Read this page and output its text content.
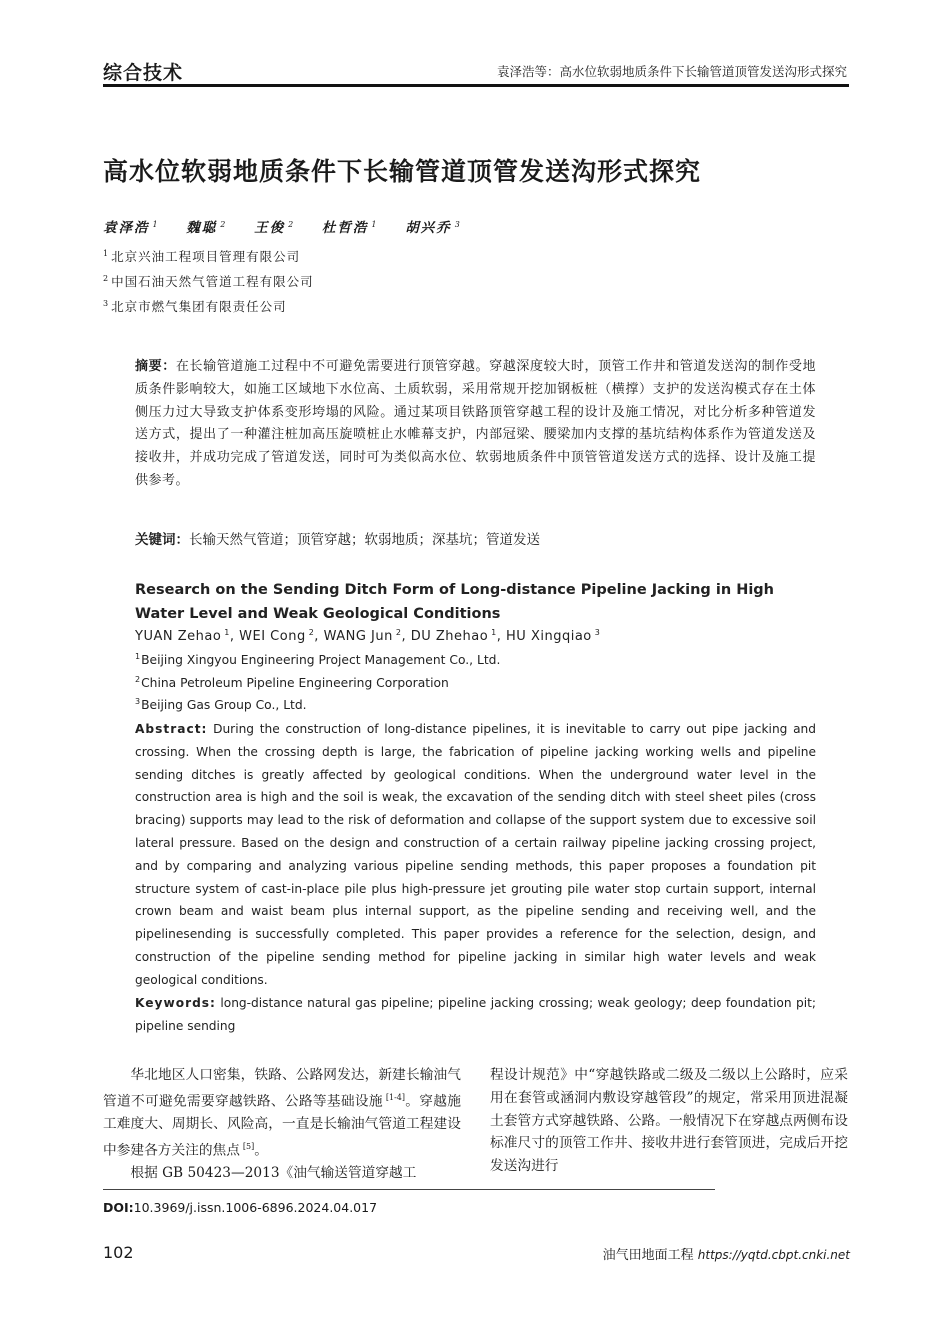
综合技术	袁泽浩等：高水位软弱地质条件下长输管道顶管发送沟形式探究
高水位软弱地质条件下长输管道顶管发送沟形式探究
袁泽浩 $^1$ 魏聪 $^2$ 王俊 $^2$ 杜哲浩 $^1$ 胡兴乔 $^3$
$^1$ 北京兴油工程项目管理有限公司
$^2$ 中国石油天然气管道工程有限公司
$^3$ 北京市燃气集团有限责任公司
摘要：在长输管道施工过程中不可避免需要进行顶管穿越。穿越深度较大时，顶管工作井和管道发送沟的制作受地质条件影响较大，如施工区域地下水位高、土质软弱，采用常规开挖加钢板桩（横撑）支护的发送沟模式存在土体侧压力过大导致支护体系变形垮塌的风险。通过某项目铁路顶管穿越工程的设计及施工情况，对比分析多种管道发送方式，提出了一种灌注桩加高压旋喷桩止水帷幕支护，内部冠梁、腰梁加内支撑的基坑结构体系作为管道发送及接收井，并成功完成了管道发送，同时可为类似高水位、软弱地质条件中顶管管道发送方式的选择、设计及施工提供参考。
关键词：长输天然气管道；顶管穿越；软弱地质；深基坑；管道发送
Research on the Sending Ditch Form of Long-distance Pipeline Jacking in High Water Level and Weak Geological Conditions
YUAN Zehao $^1$, WEI Cong $^2$, WANG Jun $^2$, DU Zhehao $^1$, HU Xingqiao $^3$
$^1$Beijing Xingyou Engineering Project Management Co., Ltd.
$^2$China Petroleum Pipeline Engineering Corporation
$^3$Beijing Gas Group Co., Ltd.
Abstract: During the construction of long-distance pipelines, it is inevitable to carry out pipe jacking and crossing. When the crossing depth is large, the fabrication of pipeline jacking working wells and pipeline sending ditches is greatly affected by geological conditions. When the underground water level in the construction area is high and the soil is weak, the excavation of the sending ditch with steel sheet piles (cross bracing) supports may lead to the risk of deformation and collapse of the support system due to excessive soil lateral pressure. Based on the design and construction of a certain railway pipeline jacking crossing project, and by comparing and analyzing various pipeline sending methods, this paper proposes a foundation pit structure system of cast-in-place pile plus high-pressure jet grouting pile water stop curtain support, internal crown beam and waist beam plus internal support, as the pipeline sending and receiving well, and the pipelinesending is successfully completed. This paper provides a reference for the selection, design, and construction of the pipeline sending method for pipeline jacking in similar high water levels and weak geological conditions.
Keywords: long-distance natural gas pipeline; pipeline jacking crossing; weak geology; deep foundation pit; pipeline sending

华北地区人口密集，铁路、公路网发达，新建长输油气管道不可避免需要穿越铁路、公路等基础设施 [1-4]。穿越施工难度大、周期长、风险高，一直是长输油气管道工程建设中参建各方关注的焦点 [5]。

根据 GB 50423—2013《油气输送管道穿越工

程设计规范》中“穿越铁路或二级及二级以上公路时，应采用在套管或涵洞内敷设穿越管段”的规定，常采用顶进混凝土套管方式穿越铁路、公路。一般情况下在穿越点两侧布设标准尺寸的顶管工作井、接收井进行套管顶进，完成后开挖发送沟进行

DOI:10.3969/j.issn.1006-6896.2024.04.017
102	油气田地面工程 https://yqtd.cbpt.cnki.net
